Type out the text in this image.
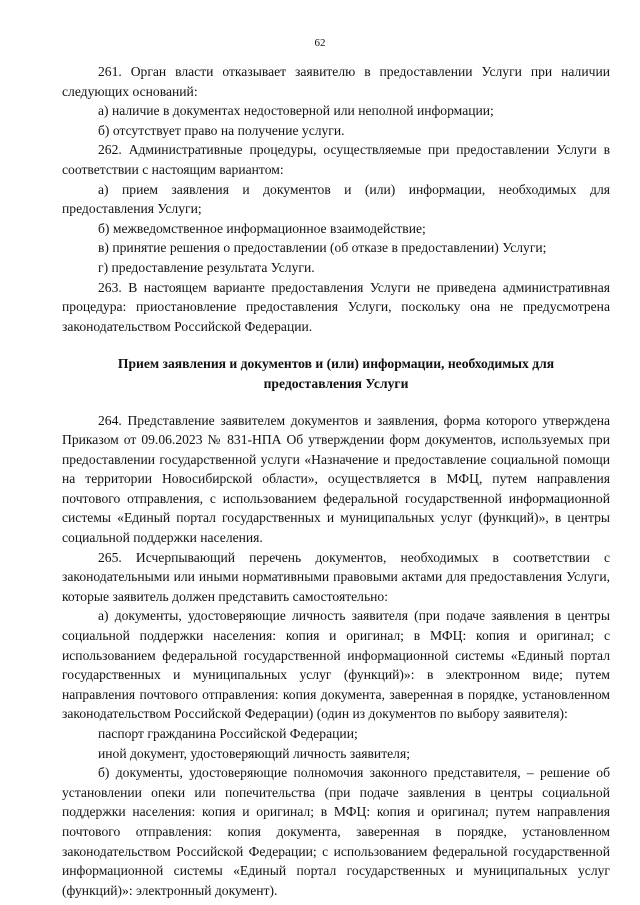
62

261. Орган власти отказывает заявителю в предоставлении Услуги при наличии следующих оснований:

а) наличие в документах недостоверной или неполной информации;

б) отсутствует право на получение услуги.

262. Административные процедуры, осуществляемые при предоставлении Услуги в соответствии с настоящим вариантом:

а) прием заявления и документов и (или) информации, необходимых для предоставления Услуги;

б) межведомственное информационное взаимодействие;

в) принятие решения о предоставлении (об отказе в предоставлении) Услуги;

г) предоставление результата Услуги.

263. В настоящем варианте предоставления Услуги не приведена административная процедура: приостановление предоставления Услуги, поскольку она не предусмотрена законодательством Российской Федерации.

Прием заявления и документов и (или) информации, необходимых для предоставления Услуги

264. Представление заявителем документов и заявления, форма которого утверждена Приказом от 09.06.2023 № 831-НПА Об утверждении форм документов, используемых при предоставлении государственной услуги «Назначение и предоставление социальной помощи на территории Новосибирской области», осуществляется в МФЦ, путем направления почтового отправления, с использованием федеральной государственной информационной системы «Единый портал государственных и муниципальных услуг (функций)», в центры социальной поддержки населения.

265. Исчерпывающий перечень документов, необходимых в соответствии с законодательными или иными нормативными правовыми актами для предоставления Услуги, которые заявитель должен представить самостоятельно:

а) документы, удостоверяющие личность заявителя (при подаче заявления в центры социальной поддержки населения: копия и оригинал; в МФЦ: копия и оригинал; с использованием федеральной государственной информационной системы «Единый портал государственных и муниципальных услуг (функций)»: в электронном виде; путем направления почтового отправления: копия документа, заверенная в порядке, установленном законодательством Российской Федерации) (один из документов по выбору заявителя):

паспорт гражданина Российской Федерации;

иной документ, удостоверяющий личность заявителя;

б) документы, удостоверяющие полномочия законного представителя, – решение об установлении опеки или попечительства (при подаче заявления в центры социальной поддержки населения: копия и оригинал; в МФЦ: копия и оригинал; путем направления почтового отправления: копия документа, заверенная в порядке, установленном законодательством Российской Федерации; с использованием федеральной государственной информационной системы «Единый портал государственных и муниципальных услуг (функций)»: электронный документ).
